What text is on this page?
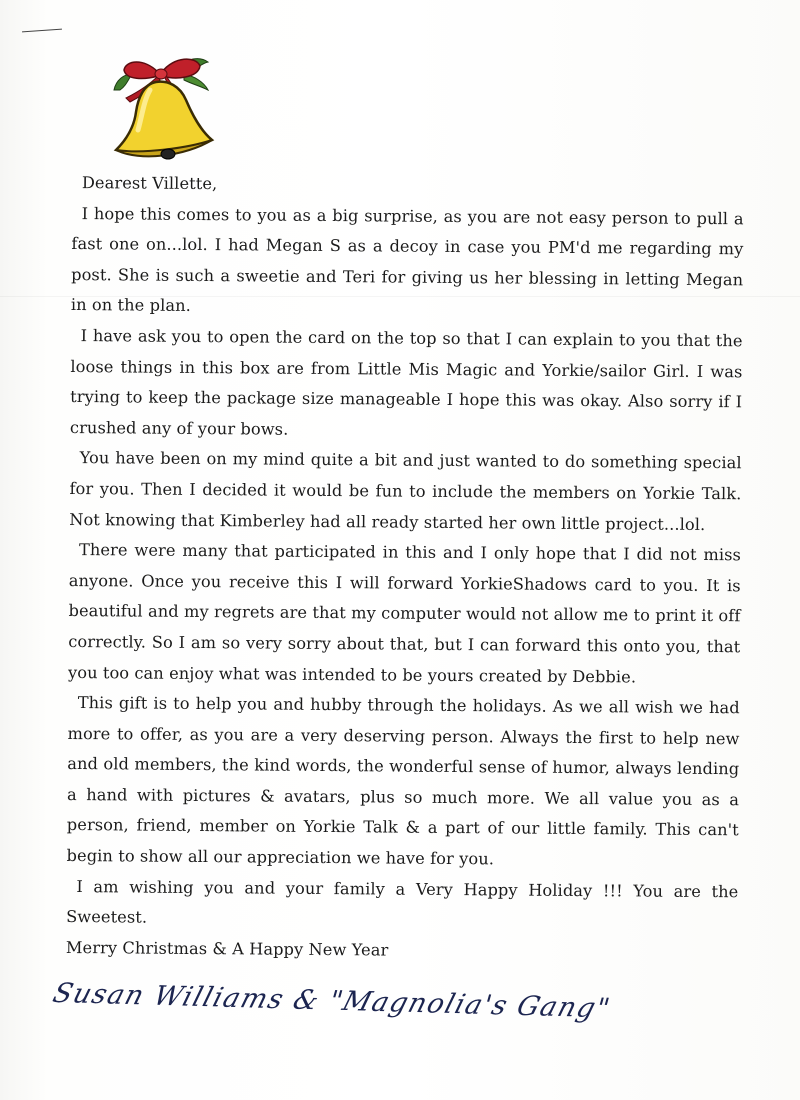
Dearest Villette,

I hope this comes to you as a big surprise, as you are not easy person to pull a fast one on...lol. I had Megan S as a decoy in case you PM'd me regarding my post. She is such a sweetie and Teri for giving us her blessing in letting Megan in on the plan.

I have ask you to open the card on the top so that I can explain to you that the loose things in this box are from Little Mis Magic and Yorkie/sailor Girl. I was trying to keep the package size manageable I hope this was okay. Also sorry if I crushed any of your bows.

You have been on my mind quite a bit and just wanted to do something special for you. Then I decided it would be fun to include the members on Yorkie Talk. Not knowing that Kimberley had all ready started her own little project...lol.

There were many that participated in this and I only hope that I did not miss anyone. Once you receive this I will forward YorkieShadows card to you. It is beautiful and my regrets are that my computer would not allow me to print it off correctly. So I am so very sorry about that, but I can forward this onto you, that you too can enjoy what was intended to be yours created by Debbie.

This gift is to help you and hubby through the holidays. As we all wish we had more to offer, as you are a very deserving person. Always the first to help new and old members, the kind words, the wonderful sense of humor, always lending a hand with pictures & avatars, plus so much more. We all value you as a person, friend, member on Yorkie Talk & a part of our little family. This can't begin to show all our appreciation we have for you.

I am wishing you and your family a Very Happy Holiday !!! You are the Sweetest.

Merry Christmas & A Happy New Year

Susan Williams & "Magnolia's Gang"
